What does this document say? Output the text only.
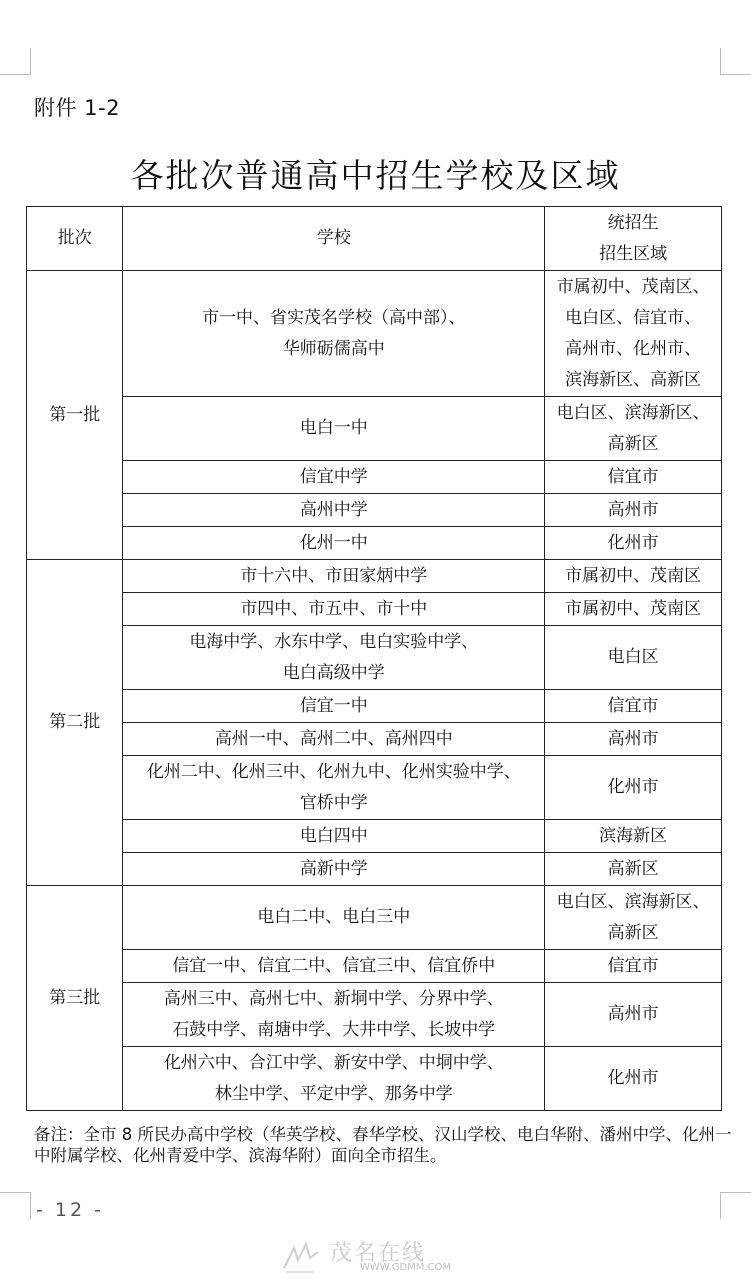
附件 1-2
各批次普通高中招生学校及区域
批次	学校	统招生
招生区域

第一批	市一中、省实茂名学校（高中部）、
华师砺儒高中	市属初中、茂南区、
电白区、信宜市、
高州市、化州市、
滨海新区、高新区

	电白一中	电白区、滨海新区、
高新区

	信宜中学	信宜市

	高州中学	高州市

	化州一中	化州市

第二批	市十六中、市田家炳中学	市属初中、茂南区

	市四中、市五中、市十中	市属初中、茂南区

	电海中学、水东中学、电白实验中学、
电白高级中学	电白区

	信宜一中	信宜市

	高州一中、高州二中、高州四中	高州市

	化州二中、化州三中、化州九中、化州实验中学、
官桥中学	化州市

	电白四中	滨海新区

	高新中学	高新区

第三批	电白二中、电白三中	电白区、滨海新区、
高新区

	信宜一中、信宜二中、信宜三中、信宜侨中	信宜市

	高州三中、高州七中、新垌中学、分界中学、
石鼓中学、南塘中学、大井中学、长坡中学	高州市

	化州六中、合江中学、新安中学、中垌中学、
林尘中学、平定中学、那务中学	化州市
备注：全市 8 所民办高中学校（华英学校、春华学校、汉山学校、电白华附、潘州中学、化州一中附属学校、化州青爱中学、滨海华附）面向全市招生。
- 12 -
茂名在线
WWW.GDMM.COM
